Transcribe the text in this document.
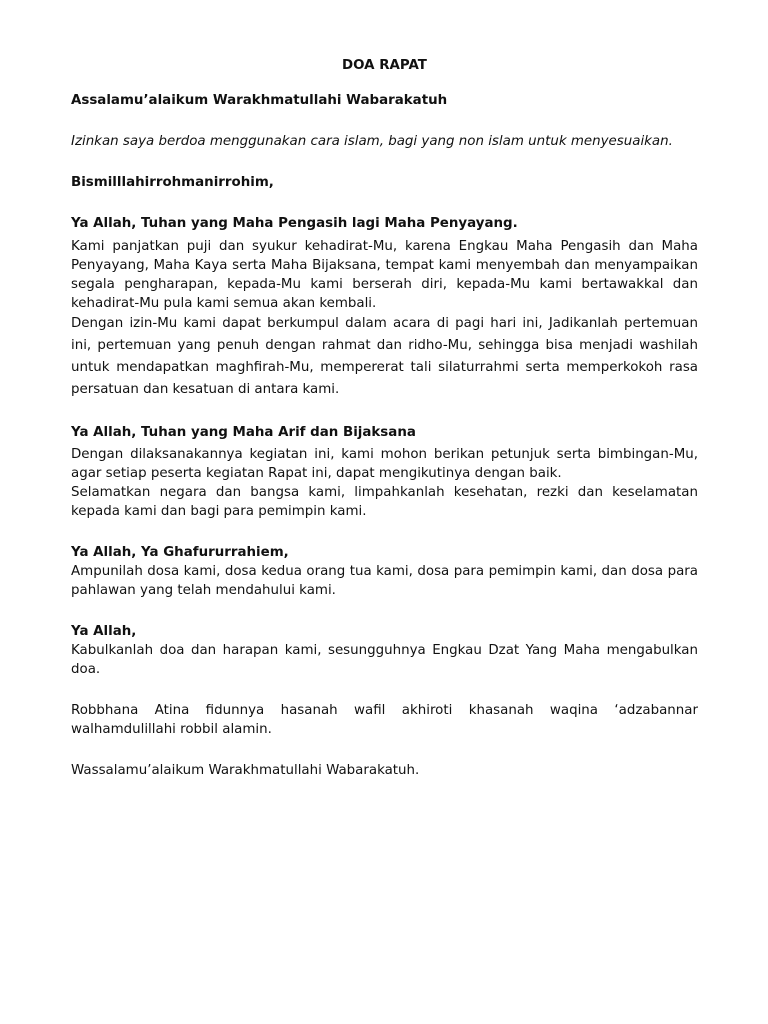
DOA RAPAT

Assalamu’alaikum Warakhmatullahi Wabarakatuh

Izinkan saya berdoa menggunakan cara islam, bagi yang non islam untuk menyesuaikan.

Bismilllahirrohmanirrohim,

Ya Allah, Tuhan yang Maha Pengasih lagi Maha Penyayang.

Kami panjatkan puji dan syukur kehadirat-Mu, karena Engkau Maha Pengasih dan Maha Penyayang, Maha Kaya serta Maha Bijaksana, tempat kami menyembah dan menyampaikan segala pengharapan, kepada-Mu kami berserah diri, kepada-Mu kami bertawakkal dan kehadirat-Mu pula kami semua akan kembali.

Dengan izin-Mu kami dapat berkumpul dalam acara di pagi hari ini, Jadikanlah pertemuan ini, pertemuan yang penuh dengan rahmat dan ridho-Mu, sehingga bisa menjadi washilah untuk mendapatkan maghfirah-Mu, mempererat tali silaturrahmi serta memperkokoh rasa persatuan dan kesatuan di antara kami.

Ya Allah, Tuhan yang Maha Arif dan Bijaksana

Dengan dilaksanakannya kegiatan ini, kami mohon berikan petunjuk serta bimbingan-Mu, agar setiap peserta kegiatan Rapat ini, dapat mengikutinya dengan baik.

Selamatkan negara dan bangsa kami, limpahkanlah kesehatan, rezki dan keselamatan kepada kami dan bagi para pemimpin kami.

Ya Allah, Ya Ghafururrahiem,

Ampunilah dosa kami, dosa kedua orang tua kami, dosa para pemimpin kami, dan dosa para pahlawan yang telah mendahului kami.

Ya Allah,

Kabulkanlah doa dan harapan kami, sesungguhnya Engkau Dzat Yang Maha mengabulkan doa.

Robbhana Atina fidunnya hasanah wafil akhiroti khasanah waqina ‘adzabannar walhamdulillahi robbil alamin.

Wassalamu’alaikum Warakhmatullahi Wabarakatuh.
